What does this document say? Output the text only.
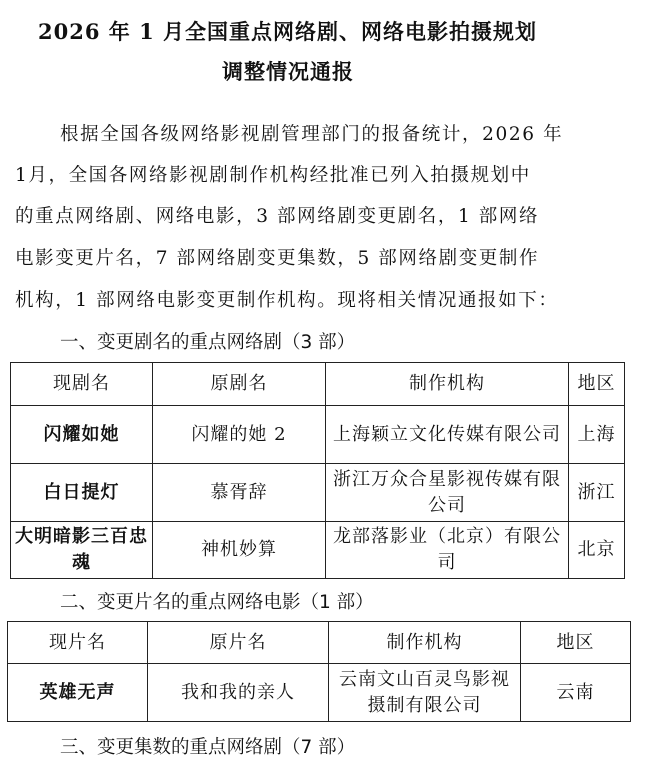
2026 年 1 月全国重点网络剧、网络电影拍摄规划
调整情况通报
根据全国各级网络影视剧管理部门的报备统计，2026 年
1月，全国各网络影视剧制作机构经批准已列入拍摄规划中
的重点网络剧、网络电影，3 部网络剧变更剧名，1 部网络
电影变更片名，7 部网络剧变更集数，5 部网络剧变更制作
机构，1 部网络电影变更制作机构。现将相关情况通报如下：
一、变更剧名的重点网络剧（3 部）
现剧名	原剧名	制作机构	地区
闪耀如她	闪耀的她 2	上海颖立文化传媒有限公司	上海
白日提灯	慕胥辞	浙江万众合星影视传媒有限公司	浙江
大明暗影三百忠魂	神机妙算	龙部落影业（北京）有限公司	北京
二、变更片名的重点网络电影（1 部）
现片名	原片名	制作机构	地区
英雄无声	我和我的亲人	云南文山百灵鸟影视摄制有限公司	云南
三、变更集数的重点网络剧（7 部）
